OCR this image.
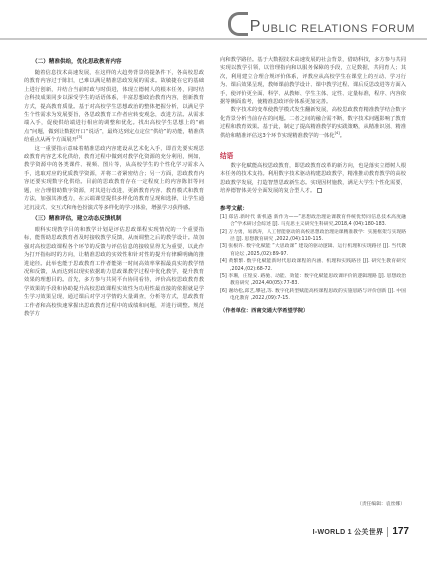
P UBLIC RELATIONS FORUM
（二）精准供给，优化思政教育内容

随着信息技术高速发展，在这样的大趋势背景的提条件下，各高校思政的教育内容过于陈旧，已难以满足精准思政发展的需求。故敏捷在它的基础上进行创新，并结合当前时政与时俱进，体现立德树人的根本任务，同时结合科技成果同步以深受学生的话语体系，丰富思想政治教育内容，创新教育方式，提高教育质量。基于对高校学生思想政治的整体把握分析，以满足学生个性需求为发展要旨，各思政教育工作者应转变观念，改进方法。从需求端入手，促使供给端进行相应的调整和优化。找出高校学生思想上的“痛点”问题，做到让数据开口“说话”，最终达到定点定位“供给”的功能，精准供给重点从两个方面展开[3]

这一重要指示意味着精准思政内容建设从艺术化入手，即首先要实现思政教育内容艺术化供给，教育过程中做到对教学化资源的充分利用，例如，教学资源中的各类课件、视频、图片等，从高校学生的个性化学习需求入手，选取对应的优质教学资源，并将二者紧密结合；另一方面，思政教育内容还要实现数字化供给。目前的思政教育存在一定程度上的内容陈旧等问题，应合理借助数字资源，对其进行改进，更新教育内容、教育模式和教育方法，加强其渗透力，在云端课堂提供多样化的教育呈现和选择，让学生通过沉浸式、交互式和角色扮演式等多样化的学习体验，增强学习获得感。

（三）精准评估，建立动态反馈机制

眼科实现教学目的和教学计划是评估思政课程实现情况的一个重要指标，能帮助思政教育者及时接收教学反馈，从而调整之后的教学设计。故加强对高校思政课程各个环节的反馈与评估信息的接收显得尤为重要，以此作为打开指标时的方向，让精准思政的实效性和针对性的提升有律瞬明确的推进途径。此举也能于思政教育工作者能第一时间高效率掌握最真实的教学情况和反馈，从而达到以现实依据助力思政课教学过程中优化教学，提升教育效果的理想目的。首先，多方参与共同平台协同看待，评价高校思政教育教学效果的手段和协助提升高校思政课程实效性为功用性最直接的依据就是学生学习效果呈现，通过课后对学习学情的大量调查，分析等方式，思政教育工作者和高校快速掌握出思政教育过程中的成绩和问题，并进行调整。规范教学方

向和教学路径。基于大数据技术高速发展的社会背景，借助科技，多方参与共同实现以教学引领，以管理指向和以服务保障的手段，立足数据，共同育人；其次，利用建立合理合规评价体系，评教应从高校学生在课堂上的互动、学习行为、课后效果呈现，教师课前教学设计、课中教学过程、课后反思改进等方面入手，使评价更全面、科学、从教师、学生主体、定性、定量标准，程序、内容依据等侧面监考，使精准思政评价体系更加完善。

数字技术的变革使教学模式发生翻新发展，高校思政教育精准教学结合数字化背景分析当前存在的问题。二者之间的融合需不断，数字技术问题影响了教育过程和教育效果。基于此，制定了提高精准教学的实践策略，从精准识别、精准供给和精准评估这3个环节实现精准教学的一体化[4]。

结语

数字化赋能高校思政教育，即思政教育改革的新方向，也是落实立德树人根本任务的技术支持。利用数字技术驱动构建思政教学，精准推动教育教学的高校思政教学发展，打造智慧思政新生态。实现因材施教，满足大学生个性化需要，培养德智体美劳全面发展的复合型人才。

参考文献：
[1] 郑洁.新时代 新机遇 新作为——“思想政治理论课教育件统优势同信息技术高度融合”学术研讨会综述 [J]. 马克思主义研究生科研究,2018,4 (04):180-183.
[2] 万力勇，易新涛，人工智能驱动的高校思想政治理论课精准教学：实施框架与实现路径 [J]. 思想教育研究 ,2022,(04):110-115.
[3] 张根许. 数字化赋能 “大思政课” 建设的驱动逻辑、运行机理和实现路径 [J]. 当代教育论坛 ,2025,(02):89-97.
[4] 黄繁繁. 数字化赋能新时代思政课程的内涵、机理和实践路径 [J]. 研究生教育研究 ,2024,(02):68-72.
[5] 李珊，庄煌安. 路驰、动能、效能：数字化赋能思政课评价的逻辑理路 [J]. 思想政治教育研究 ,2024,40(05):77-83.
[6] 谢幼松,邱艺,攀冠,等. 数字化转型赋能高校课程思政的实施思路与评价创新 [J]. 中国电化教育 ,2022,(09):7-15.
（作者单位：西南交通大学希望学院）
（责任编辑：袁丝娜）
I-WORLD 1 公关世界 177
